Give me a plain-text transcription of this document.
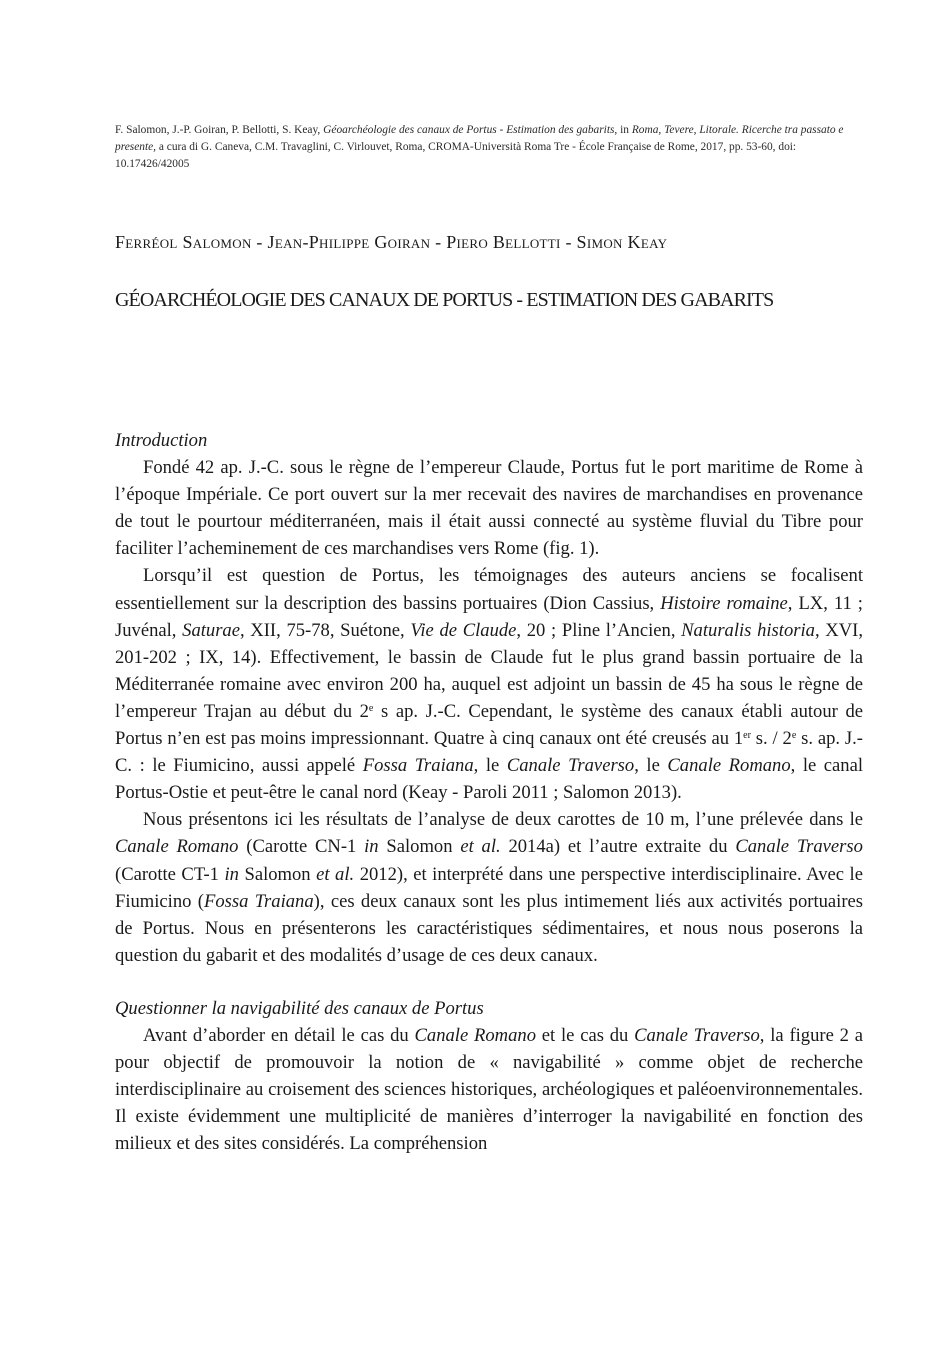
F. Salomon, J.-P. Goiran, P. Bellotti, S. Keay, Géoarchéologie des canaux de Portus - Estimation des gabarits, in Roma, Tevere, Litorale. Ricerche tra passato e presente, a cura di G. Caneva, C.M. Travaglini, C. Virlouvet, Roma, CROMA-Università Roma Tre - École Française de Rome, 2017, pp. 53-60, doi: 10.17426/42005
Ferréol Salomon - Jean-Philippe Goiran - Piero Bellotti - Simon Keay
GÉOARCHÉOLOGIE DES CANAUX DE PORTUS - ESTIMATION DES GABARITS
Introduction

Fondé 42 ap. J.-C. sous le règne de l’empereur Claude, Portus fut le port maritime de Rome à l’époque Impériale. Ce port ouvert sur la mer recevait des navires de marchandises en provenance de tout le pourtour méditerranéen, mais il était aussi connecté au système fluvial du Tibre pour faciliter l’acheminement de ces marchandises vers Rome (fig. 1).

Lorsqu’il est question de Portus, les témoignages des auteurs anciens se focalisent essentiellement sur la description des bassins portuaires (Dion Cassius, Histoire romaine, LX, 11 ; Juvénal, Saturae, XII, 75-78, Suétone, Vie de Claude, 20 ; Pline l’Ancien, Naturalis historia, XVI, 201-202 ; IX, 14). Effectivement, le bassin de Claude fut le plus grand bassin portuaire de la Méditerranée romaine avec environ 200 ha, auquel est adjoint un bassin de 45 ha sous le règne de l’empereur Trajan au début du 2e s ap. J.-C. Cependant, le système des canaux établi autour de Portus n’en est pas moins impressionnant. Quatre à cinq canaux ont été creusés au 1er s. / 2e s. ap. J.-C. : le Fiumicino, aussi appelé Fossa Traiana, le Canale Traverso, le Canale Romano, le canal Portus-Ostie et peut-être le canal nord (Keay - Paroli 2011 ; Salomon 2013).

Nous présentons ici les résultats de l’analyse de deux carottes de 10 m, l’une prélevée dans le Canale Romano (Carotte CN-1 in Salomon et al. 2014a) et l’autre extraite du Canale Traverso (Carotte CT-1 in Salomon et al. 2012), et interprété dans une perspective interdisciplinaire. Avec le Fiumicino (Fossa Traiana), ces deux canaux sont les plus intimement liés aux activités portuaires de Portus. Nous en présenterons les caractéristiques sédimentaires, et nous nous poserons la question du gabarit et des modalités d’usage de ces deux canaux.

Questionner la navigabilité des canaux de Portus

Avant d’aborder en détail le cas du Canale Romano et le cas du Canale Traverso, la figure 2 a pour objectif de promouvoir la notion de « navigabilité » comme objet de recherche interdisciplinaire au croisement des sciences historiques, archéologiques et paléoenvironnementales. Il existe évidemment une multiplicité de manières d’interroger la navigabilité en fonction des milieux et des sites considérés. La compréhension
